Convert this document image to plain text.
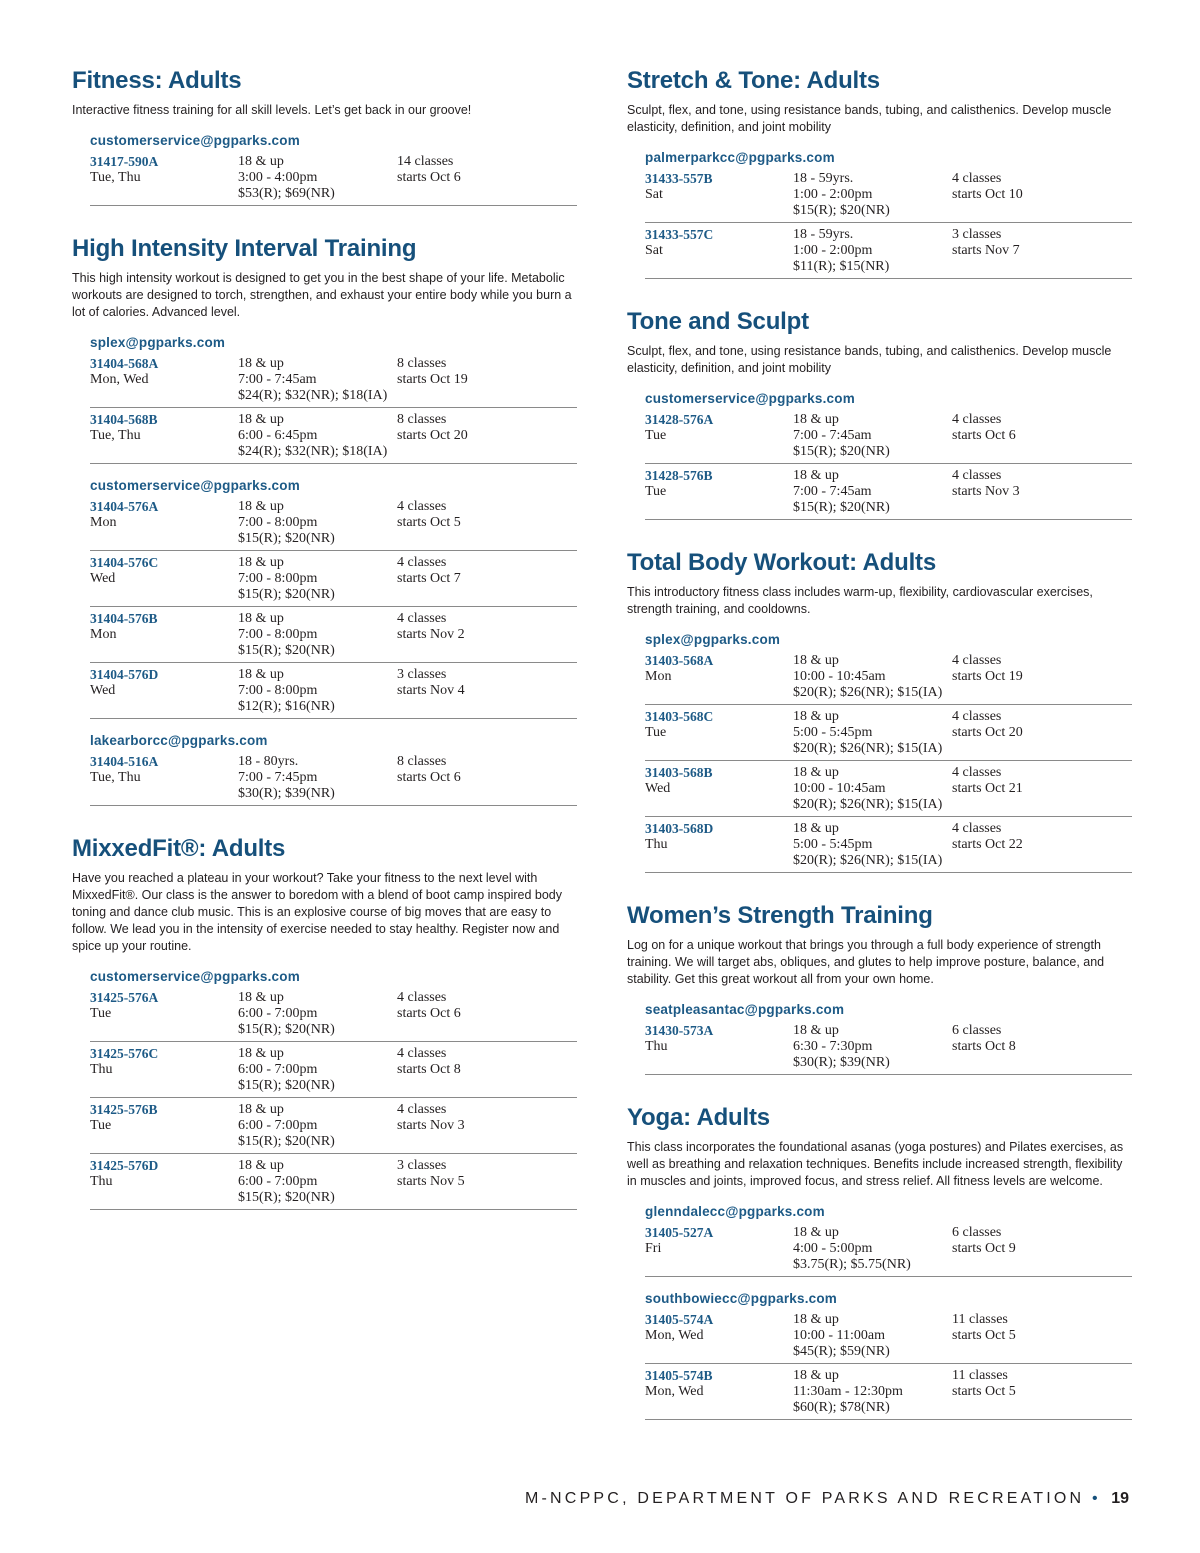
Fitness: Adults

Interactive fitness training for all skill levels. Let’s get back in our groove!

customerservice@pgparks.com
31417-590A
Tue, Thu
18 & up
3:00 - 4:00pm
$53(R); $69(NR)
14 classes
starts Oct 6
High Intensity Interval Training

This high intensity workout is designed to get you in the best shape of your life. Metabolic workouts are designed to torch, strengthen, and exhaust your entire body while you burn a lot of calories. Advanced level.

splex@pgparks.com
31404-568A
Mon, Wed
18 & up
7:00 - 7:45am
$24(R); $32(NR); $18(IA)
8 classes
starts Oct 19
31404-568B
Tue, Thu
18 & up
6:00 - 6:45pm
$24(R); $32(NR); $18(IA)
8 classes
starts Oct 20
customerservice@pgparks.com
31404-576A
Mon
18 & up
7:00 - 8:00pm
$15(R); $20(NR)
4 classes
starts Oct 5
31404-576C
Wed
18 & up
7:00 - 8:00pm
$15(R); $20(NR)
4 classes
starts Oct 7
31404-576B
Mon
18 & up
7:00 - 8:00pm
$15(R); $20(NR)
4 classes
starts Nov 2
31404-576D
Wed
18 & up
7:00 - 8:00pm
$12(R); $16(NR)
3 classes
starts Nov 4
lakearborcc@pgparks.com
31404-516A
Tue, Thu
18 - 80yrs.
7:00 - 7:45pm
$30(R); $39(NR)
8 classes
starts Oct 6
MixxedFit®: Adults

Have you reached a plateau in your workout? Take your fitness to the next level with MixxedFit®. Our class is the answer to boredom with a blend of boot camp inspired body toning and dance club music. This is an explosive course of big moves that are easy to follow. We lead you in the intensity of exercise needed to stay healthy. Register now and spice up your routine.

customerservice@pgparks.com
31425-576A
Tue
18 & up
6:00 - 7:00pm
$15(R); $20(NR)
4 classes
starts Oct 6
31425-576C
Thu
18 & up
6:00 - 7:00pm
$15(R); $20(NR)
4 classes
starts Oct 8
31425-576B
Tue
18 & up
6:00 - 7:00pm
$15(R); $20(NR)
4 classes
starts Nov 3
31425-576D
Thu
18 & up
6:00 - 7:00pm
$15(R); $20(NR)
3 classes
starts Nov 5
Stretch & Tone: Adults

Sculpt, flex, and tone, using resistance bands, tubing, and calisthenics. Develop muscle elasticity, definition, and joint mobility

palmerparkcc@pgparks.com
31433-557B
Sat
18 - 59yrs.
1:00 - 2:00pm
$15(R); $20(NR)
4 classes
starts Oct 10
31433-557C
Sat
18 - 59yrs.
1:00 - 2:00pm
$11(R); $15(NR)
3 classes
starts Nov 7
Tone and Sculpt

Sculpt, flex, and tone, using resistance bands, tubing, and calisthenics. Develop muscle elasticity, definition, and joint mobility

customerservice@pgparks.com
31428-576A
Tue
18 & up
7:00 - 7:45am
$15(R); $20(NR)
4 classes
starts Oct 6
31428-576B
Tue
18 & up
7:00 - 7:45am
$15(R); $20(NR)
4 classes
starts Nov 3
Total Body Workout: Adults

This introductory fitness class includes warm-up, flexibility, cardiovascular exercises, strength training, and cooldowns.

splex@pgparks.com
31403-568A
Mon
18 & up
10:00 - 10:45am
$20(R); $26(NR); $15(IA)
4 classes
starts Oct 19
31403-568C
Tue
18 & up
5:00 - 5:45pm
$20(R); $26(NR); $15(IA)
4 classes
starts Oct 20
31403-568B
Wed
18 & up
10:00 - 10:45am
$20(R); $26(NR); $15(IA)
4 classes
starts Oct 21
31403-568D
Thu
18 & up
5:00 - 5:45pm
$20(R); $26(NR); $15(IA)
4 classes
starts Oct 22
Women’s Strength Training

Log on for a unique workout that brings you through a full body experience of strength training. We will target abs, obliques, and glutes to help improve posture, balance, and stability. Get this great workout all from your own home.

seatpleasantac@pgparks.com
31430-573A
Thu
18 & up
6:30 - 7:30pm
$30(R); $39(NR)
6 classes
starts Oct 8
Yoga: Adults

This class incorporates the foundational asanas (yoga postures) and Pilates exercises, as well as breathing and relaxation techniques. Benefits include increased strength, flexibility in muscles and joints, improved focus, and stress relief. All fitness levels are welcome.

glenndalecc@pgparks.com
31405-527A
Fri
18 & up
4:00 - 5:00pm
$3.75(R); $5.75(NR)
6 classes
starts Oct 9
southbowiecc@pgparks.com
31405-574A
Mon, Wed
18 & up
10:00 - 11:00am
$45(R); $59(NR)
11 classes
starts Oct 5
31405-574B
Mon, Wed
18 & up
11:30am - 12:30pm
$60(R); $78(NR)
11 classes
starts Oct 5
M-NCPPC, DEPARTMENT OF PARKS AND RECREATION • 19
